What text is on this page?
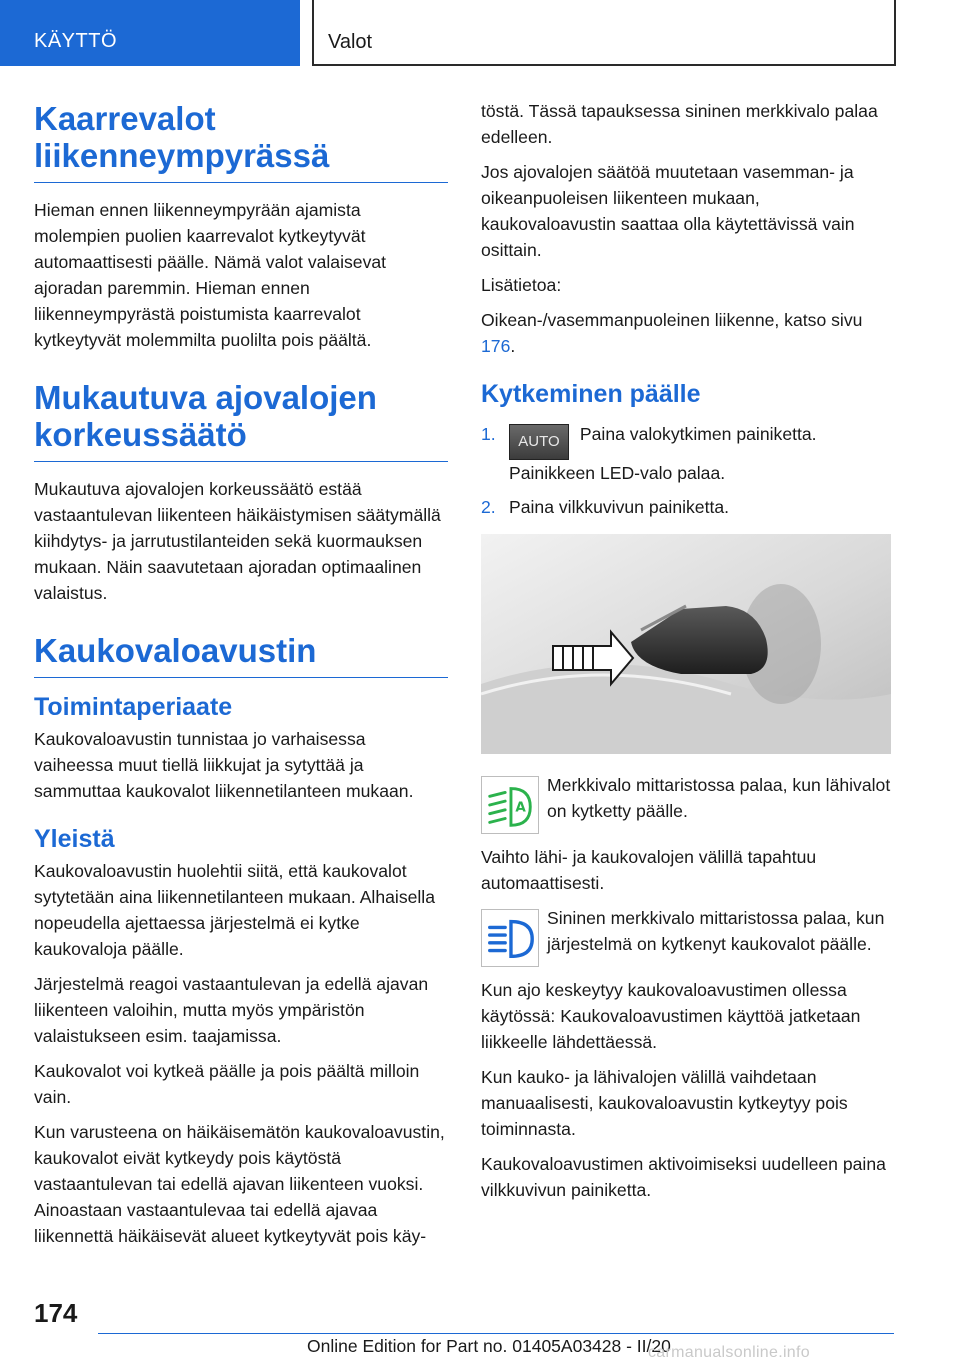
KÄYTTÖ	Valot
Kaarrevalot liikenneympyrässä

Hieman ennen liikenneympyrään ajamista molempien puolien kaarrevalot kytkeytyvät automaattisesti päälle. Nämä valot valaisevat ajoradan paremmin. Hieman ennen liikenneympyrästä poistumista kaarrevalot kytkeytyvät molemmilta puolilta pois päältä.

Mukautuva ajovalojen korkeussäätö

Mukautuva ajovalojen korkeussäätö estää vastaantulevan liikenteen häikäistymisen säätymällä kiihdytys- ja jarrutustilanteiden sekä kuormauksen mukaan. Näin saavutetaan ajoradan optimaalinen valaistus.

Kaukovaloavustin
Toimintaperiaate

Kaukovaloavustin tunnistaa jo varhaisessa vaiheessa muut tiellä liikkujat ja sytyttää ja sammuttaa kaukovalot liikennetilanteen mukaan.

Yleistä

Kaukovaloavustin huolehtii siitä, että kaukovalot sytytetään aina liikennetilanteen mukaan. Alhaisella nopeudella ajettaessa järjestelmä ei kytke kaukovaloja päälle.

Järjestelmä reagoi vastaantulevan ja edellä ajavan liikenteen valoihin, mutta myös ympäristön valaistukseen esim. taajamissa.

Kaukovalot voi kytkeä päälle ja pois päältä milloin vain.

Kun varusteena on häikäisemätön kaukovaloavustin, kaukovalot eivät kytkeydy pois käytöstä vastaantulevan tai edellä ajavan liikenteen vuoksi. Ainoastaan vastaantulevaa tai edellä ajavaa liikennettä häikäisevät alueet kytkeytyvät pois käy-

töstä. Tässä tapauksessa sininen merkkivalo palaa edelleen.

Jos ajovalojen säätöä muutetaan vasemman- ja oikeanpuoleisen liikenteen mukaan, kaukovaloavustin saattaa olla käytettävissä vain osittain.

Lisätietoa:

Oikean-/vasemmanpuoleinen liikenne, katso sivu 176.

Kytkeminen päälle
1. AUTO Paina valokytkimen painiketta.
Painikkeen LED-valo palaa.
2. Paina vilkkuvivun painiketta.
A

Merkkivalo mittaristossa palaa, kun lähivalot on kytketty päälle.

Vaihto lähi- ja kaukovalojen välillä tapahtuu automaattisesti.

Sininen merkkivalo mittaristossa palaa, kun järjestelmä on kytkenyt kaukovalot päälle.

Kun ajo keskeytyy kaukovaloavustimen ollessa käytössä: Kaukovaloavustimen käyttöä jatketaan liikkeelle lähdettäessä.

Kun kauko- ja lähivalojen välillä vaihdetaan manuaalisesti, kaukovaloavustin kytkeytyy pois toiminnasta.

Kaukovaloavustimen aktivoimiseksi uudelleen paina vilkkuvivun painiketta.

174
Online Edition for Part no. 01405A03428 - II/20
carmanualsonline.info
